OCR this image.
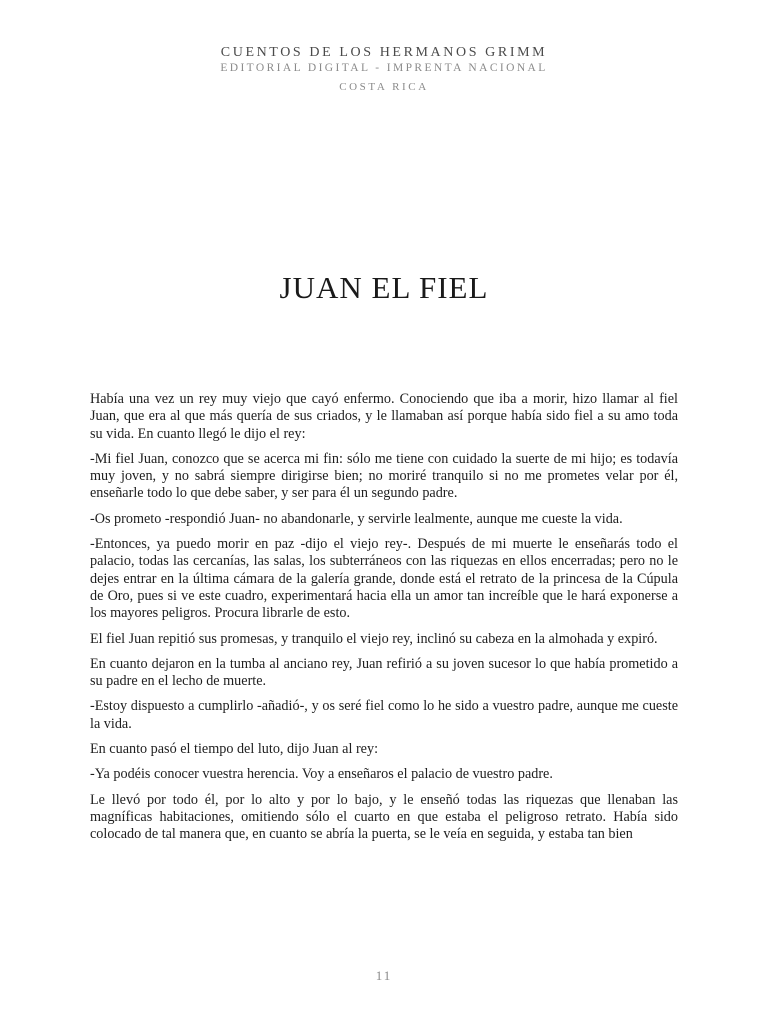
CUENTOS DE LOS HERMANOS GRIMM
EDITORIAL DIGITAL - IMPRENTA NACIONAL
COSTA RICA
JUAN EL FIEL

Había una vez un rey muy viejo que cayó enfermo. Conociendo que iba a morir, hizo llamar al fiel Juan, que era al que más quería de sus criados, y le llamaban así porque había sido fiel a su amo toda su vida. En cuanto llegó le dijo el rey:

-Mi fiel Juan, conozco que se acerca mi fin: sólo me tiene con cuidado la suerte de mi hijo; es todavía muy joven, y no sabrá siempre dirigirse bien; no moriré tranquilo si no me prometes velar por él, enseñarle todo lo que debe saber, y ser para él un segundo padre.

-Os prometo -respondió Juan- no abandonarle, y servirle lealmente, aunque me cueste la vida.

-Entonces, ya puedo morir en paz -dijo el viejo rey-. Después de mi muerte le enseñarás todo el palacio, todas las cercanías, las salas, los subterráneos con las riquezas en ellos encerradas; pero no le dejes entrar en la última cámara de la galería grande, donde está el retrato de la princesa de la Cúpula de Oro, pues si ve este cuadro, experimentará hacia ella un amor tan increíble que le hará exponerse a los mayores peligros. Procura librarle de esto.

El fiel Juan repitió sus promesas, y tranquilo el viejo rey, inclinó su cabeza en la almohada y expiró.

En cuanto dejaron en la tumba al anciano rey, Juan refirió a su joven sucesor lo que había prometido a su padre en el lecho de muerte.

-Estoy dispuesto a cumplirlo -añadió-, y os seré fiel como lo he sido a vuestro padre, aunque me cueste la vida.

En cuanto pasó el tiempo del luto, dijo Juan al rey:

-Ya podéis conocer vuestra herencia. Voy a enseñaros el palacio de vuestro padre.

Le llevó por todo él, por lo alto y por lo bajo, y le enseñó todas las riquezas que llenaban las magníficas habitaciones, omitiendo sólo el cuarto en que estaba el peligroso retrato. Había sido colocado de tal manera que, en cuanto se abría la puerta, se le veía en seguida, y estaba tan bien

11
